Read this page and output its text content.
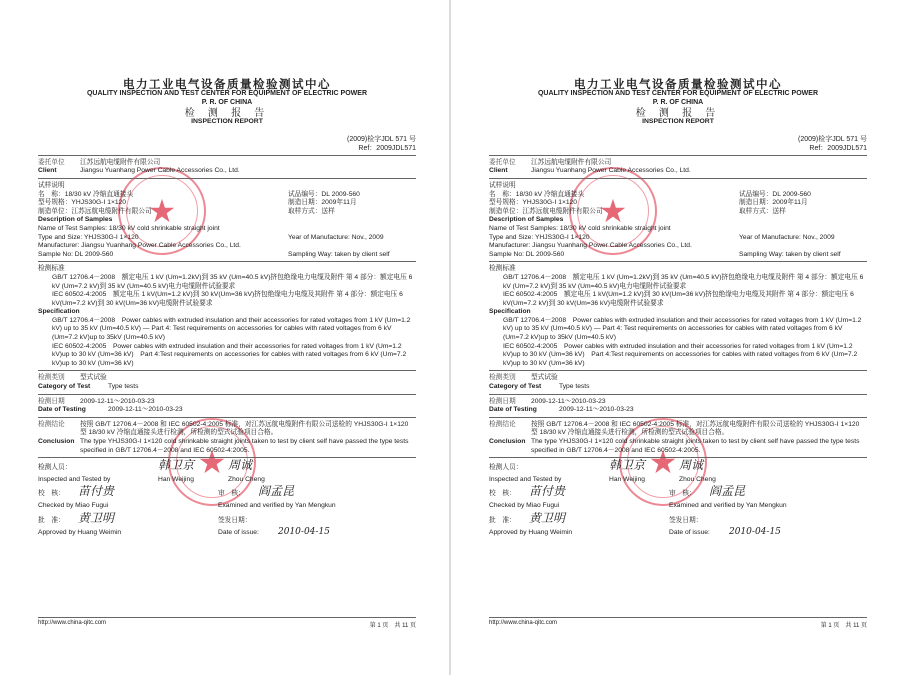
★
★
电力工业电气设备质量检验测试中心
QUALITY INSPECTION AND TEST CENTER FOR EQUIPMENT OF ELECTRIC POWER
P. R. OF CHINA
检 测 报 告
INSPECTION REPORT
(2009)检字JDL 571 号
Ref：2009JDL571
委托单位	江苏远航电缆附件有限公司
Client	Jiangsu Yuanhang Power Cable Accessories Co., Ltd.
试样说明
名　称：18/30 kV 冷缩直通接头	试品编号：DL 2009-560
型号规格：YHJS30G-Ⅰ 1×120	制造日期：2009年11月
制造单位：江苏远航电缆附件有限公司	取样方式：送样
Description of Samples
Name of Test Samples: 18/30 kV cold shrinkable straight joint
Type and Size: YHJS30G-Ⅰ 1×120	Year of Manufacture: Nov., 2009
Manufacturer: Jiangsu Yuanhang Power Cable Accessories Co., Ltd.
Sample No: DL 2009-560	Sampling Way: taken by client self
检测标准
GB/T 12706.4－2008　额定电压 1 kV (Um=1.2kV)到 35 kV (Um=40.5 kV)挤包绝缘电力电缆及附件 第 4 部分：额定电压 6 kV (Um=7.2 kV)到 35 kV (Um=40.5 kV)电力电缆附件试验要求
IEC 60502-4:2005　额定电压 1 kV(Um=1.2 kV)到 30 kV(Um=36 kV)挤包绝缘电力电缆及其附件 第 4 部分：额定电压 6 kV(Um=7.2 kV)到 30 kV(Um=36 kV)电缆附件试验要求
Specification
GB/T 12706.4－2008　Power cables with extruded insulation and their accessories for rated voltages from 1 kV (Um=1.2 kV) up to 35 kV (Um=40.5 kV) — Part 4: Test requirements on accessories for cables with rated voltages from 6 kV (Um=7.2 kV)up to 35kV (Um=40.5 kV)
IEC 60502-4:2005　Power cables with extruded insulation and their accessories for rated voltages from 1 kV (Um=1.2 kV)up to 30 kV (Um=36 kV)　Part 4:Test requirements on accessories for cables with rated voltages from 6 kV (Um=7.2 kV)up to 30 kV (Um=36 kV)
检测类别	型式试验
Category of Test	Type tests
检测日期	2009-12-11～2010-03-23
Date of Testing	2009-12-11～2010-03-23
检测结论	按照 GB/T 12706.4－2008 和 IEC 60502-4:2005 标准，对江苏远航电缆附件有限公司送检的 YHJS30G-Ⅰ 1×120 型 18/30 kV 冷缩直通接头进行检测，所检测的型式试验项目合格。
Conclusion The type YHJS30G-Ⅰ 1×120 cold shrinkable straight joints taken to test by client self have passed the type tests specified in GB/T 12706.4－2008 and IEC 60502-4:2005.
检测人员：	韩卫京	周诚
Inspected and Tested by	Han Weijing	Zhou Cheng
校　核：	苗付贵	审　核：	阎孟昆
Checked by Miao Fugui	Examined and verified by Yan Mengkun
批　准：	黄卫明	签发日期：
Approved by Huang Weimin	Date of issue:	2010-04-15
http://www.china-qitc.com	第 1 页　共 11 页
★
★
电力工业电气设备质量检验测试中心
QUALITY INSPECTION AND TEST CENTER FOR EQUIPMENT OF ELECTRIC POWER
P. R. OF CHINA
检 测 报 告
INSPECTION REPORT
(2009)检字JDL 571 号
Ref：2009JDL571
委托单位	江苏远航电缆附件有限公司
Client	Jiangsu Yuanhang Power Cable Accessories Co., Ltd.
试样说明
名　称：18/30 kV 冷缩直通接头	试品编号：DL 2009-560
型号规格：YHJS30G-Ⅰ 1×120	制造日期：2009年11月
制造单位：江苏远航电缆附件有限公司	取样方式：送样
Description of Samples
Name of Test Samples: 18/30 kV cold shrinkable straight joint
Type and Size: YHJS30G-Ⅰ 1×120	Year of Manufacture: Nov., 2009
Manufacturer: Jiangsu Yuanhang Power Cable Accessories Co., Ltd.
Sample No: DL 2009-560	Sampling Way: taken by client self
检测标准
GB/T 12706.4－2008　额定电压 1 kV (Um=1.2kV)到 35 kV (Um=40.5 kV)挤包绝缘电力电缆及附件 第 4 部分：额定电压 6 kV (Um=7.2 kV)到 35 kV (Um=40.5 kV)电力电缆附件试验要求
IEC 60502-4:2005　额定电压 1 kV(Um=1.2 kV)到 30 kV(Um=36 kV)挤包绝缘电力电缆及其附件 第 4 部分：额定电压 6 kV(Um=7.2 kV)到 30 kV(Um=36 kV)电缆附件试验要求
Specification
GB/T 12706.4－2008　Power cables with extruded insulation and their accessories for rated voltages from 1 kV (Um=1.2 kV) up to 35 kV (Um=40.5 kV) — Part 4: Test requirements on accessories for cables with rated voltages from 6 kV (Um=7.2 kV)up to 35kV (Um=40.5 kV)
IEC 60502-4:2005　Power cables with extruded insulation and their accessories for rated voltages from 1 kV (Um=1.2 kV)up to 30 kV (Um=36 kV)　Part 4:Test requirements on accessories for cables with rated voltages from 6 kV (Um=7.2 kV)up to 30 kV (Um=36 kV)
检测类别	型式试验
Category of Test	Type tests
检测日期	2009-12-11～2010-03-23
Date of Testing	2009-12-11～2010-03-23
检测结论	按照 GB/T 12706.4－2008 和 IEC 60502-4:2005 标准，对江苏远航电缆附件有限公司送检的 YHJS30G-Ⅰ 1×120 型 18/30 kV 冷缩直通接头进行检测，所检测的型式试验项目合格。
Conclusion The type YHJS30G-Ⅰ 1×120 cold shrinkable straight joints taken to test by client self have passed the type tests specified in GB/T 12706.4－2008 and IEC 60502-4:2005.
检测人员：	韩卫京	周诚
Inspected and Tested by	Han Weijing	Zhou Cheng
校　核：	苗付贵	审　核：	阎孟昆
Checked by Miao Fugui	Examined and verified by Yan Mengkun
批　准：	黄卫明	签发日期：
Approved by Huang Weimin	Date of issue:	2010-04-15
http://www.china-qitc.com	第 1 页　共 11 页
